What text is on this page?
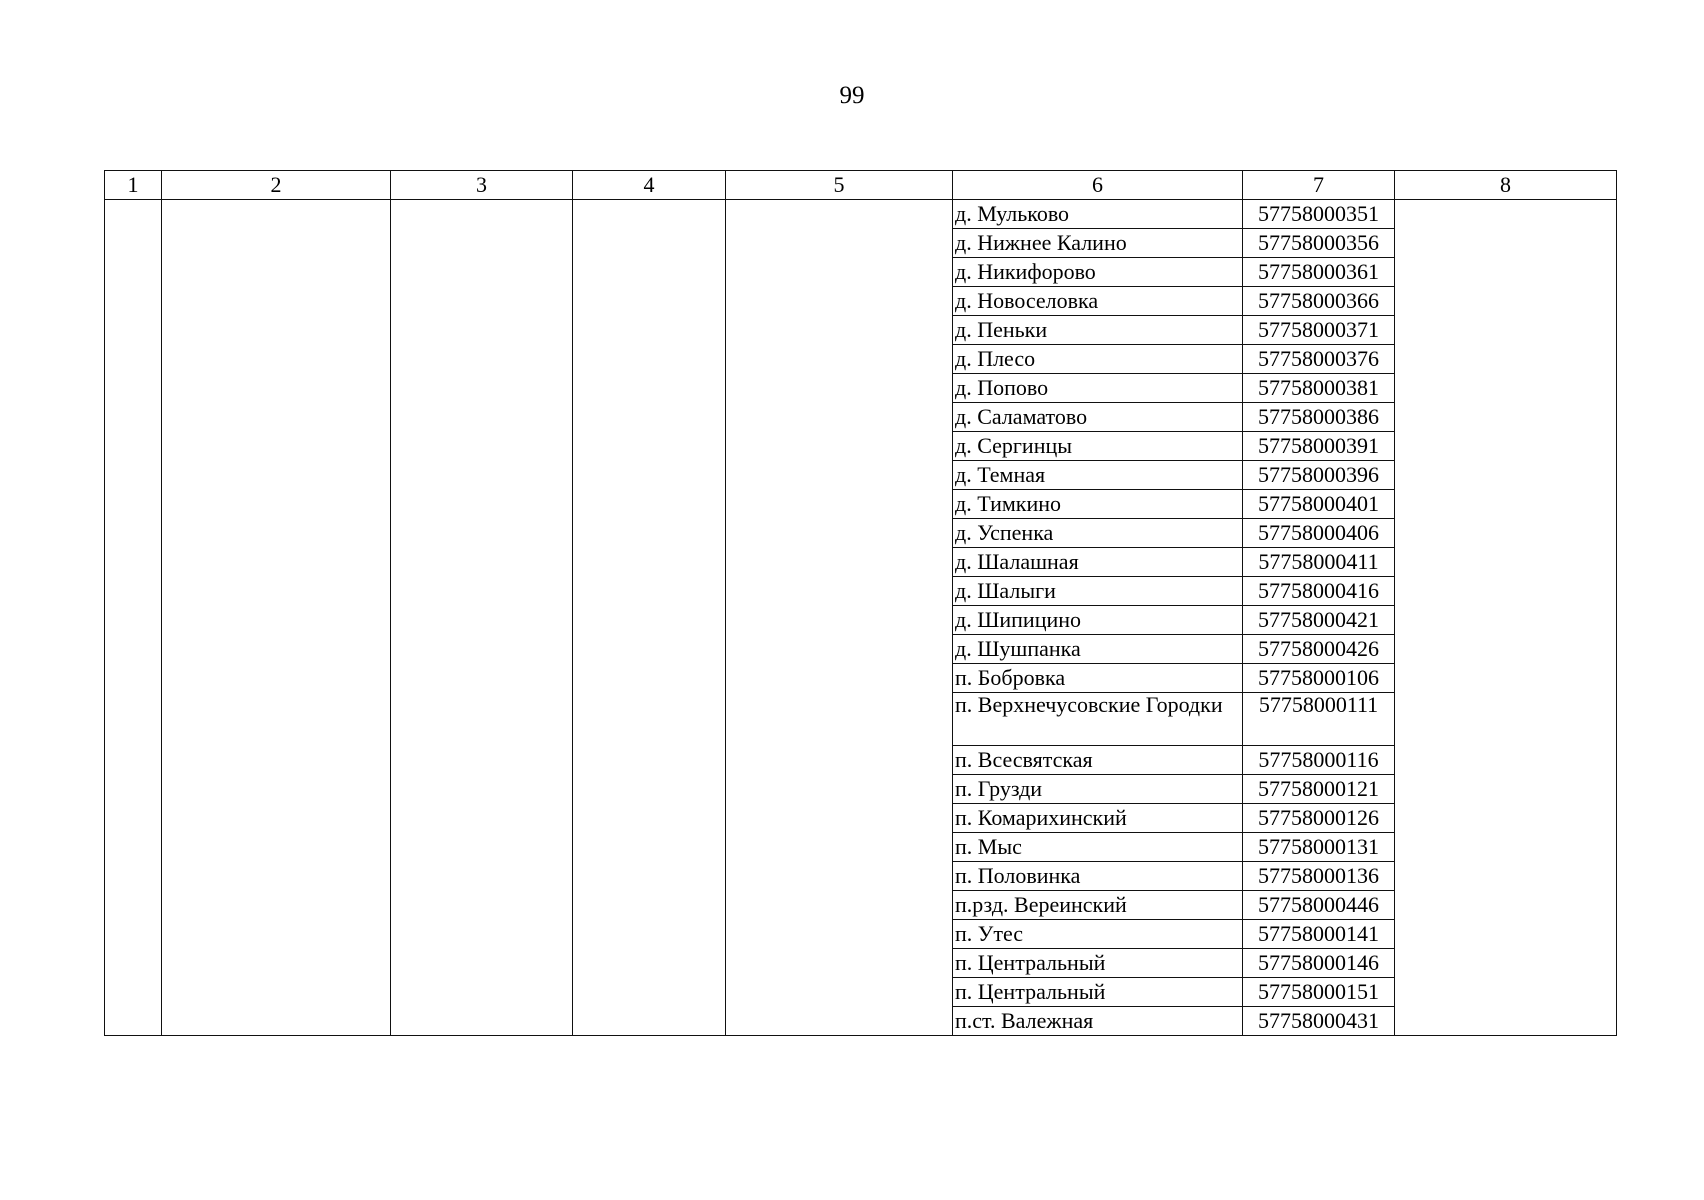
99
1	2	3	4	5	6	7	8
					д. Мульково	57758000351	
					д. Нижнее Калино	57758000356	
					д. Никифорово	57758000361	
					д. Новоселовка	57758000366	
					д. Пеньки	57758000371	
					д. Плесо	57758000376	
					д. Попово	57758000381	
					д. Саламатово	57758000386	
					д. Сергинцы	57758000391	
					д. Темная	57758000396	
					д. Тимкино	57758000401	
					д. Успенка	57758000406	
					д. Шалашная	57758000411	
					д. Шалыги	57758000416	
					д. Шипицино	57758000421	
					д. Шушпанка	57758000426	
					п. Бобровка	57758000106	
					п. Верхнечусовские Городки	57758000111	
					п. Всесвятская	57758000116	
					п. Грузди	57758000121	
					п. Комарихинский	57758000126	
					п. Мыс	57758000131	
					п. Половинка	57758000136	
					п.рзд. Вереинский	57758000446	
					п. Утес	57758000141	
					п. Центральный	57758000146	
					п. Центральный	57758000151	
					п.ст. Валежная	57758000431	
